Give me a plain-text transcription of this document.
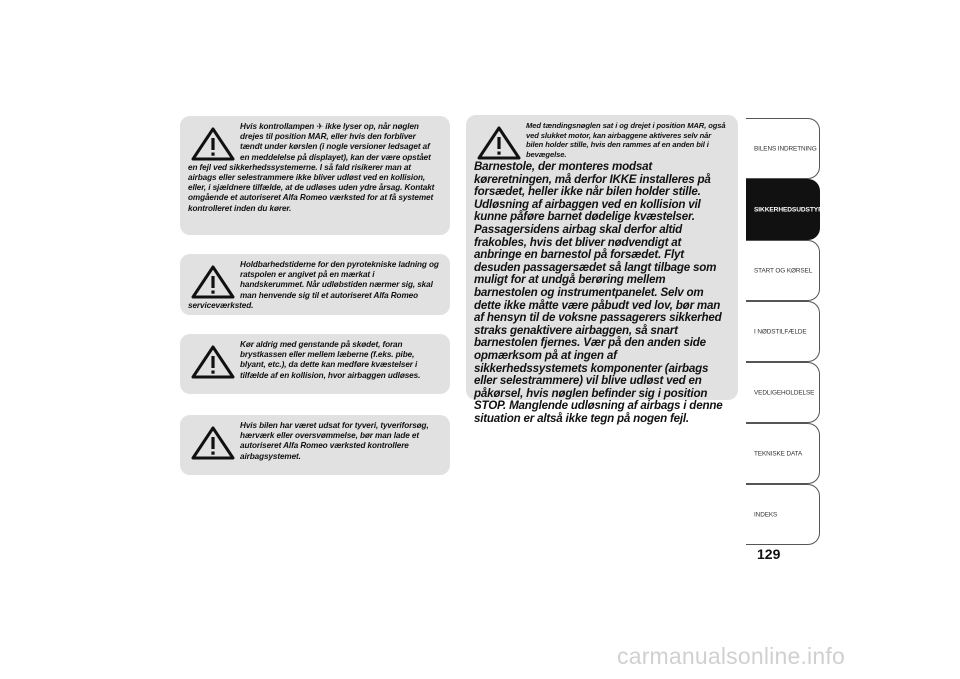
Hvis kontrollampen ✈ ikke lyser op, når nøglen drejes til position MAR, eller hvis den forbliver tændt under kørslen (i nogle versioner ledsaget af en meddelelse på displayet), kan der være opstået en fejl ved sikkerhedssystemerne. I så fald risikerer man at airbags eller selestrammere ikke bliver udløst ved en kollision, eller, i sjældnere tilfælde, at de udløses uden ydre årsag. Kontakt omgående et autoriseret Alfa Romeo værksted for at få systemet kontrolleret inden du kører.

Holdbarhedstiderne for den pyrotekniske ladning og ratspolen er angivet på en mærkat i handskerummet. Når udløbstiden nærmer sig, skal man henvende sig til et autoriseret Alfa Romeo serviceværksted.

Kør aldrig med genstande på skødet, foran brystkassen eller mellem læberne (f.eks. pibe, blyant, etc.), da dette kan medføre kvæstelser i tilfælde af en kollision, hvor airbaggen udløses.

Hvis bilen har været udsat for tyveri, tyveriforsøg, hærværk eller oversvømmelse, bør man lade et autoriseret Alfa Romeo værksted kontrollere airbagsystemet.

Med tændingsnøglen sat i og drejet i position MAR, også ved slukket motor, kan airbaggene aktiveres selv når bilen holder stille, hvis den rammes af en anden bil i bevægelse.

Barnestole, der monteres modsat køreretningen, må derfor IKKE installeres på forsædet, heller ikke når bilen holder stille. Udløsning af airbaggen ved en kollision vil kunne påføre barnet dødelige kvæstelser. Passagersidens airbag skal derfor altid frakobles, hvis det bliver nødvendigt at anbringe en barnestol på forsædet. Flyt desuden passagersædet så langt tilbage som muligt for at undgå berøring mellem barnestolen og instrumentpanelet. Selv om dette ikke måtte være påbudt ved lov, bør man af hensyn til de voksne passagerers sikkerhed straks genaktivere airbaggen, så snart barnestolen fjernes. Vær på den anden side opmærksom på at ingen af sikkerhedssystemets komponenter (airbags eller selestrammere) vil blive udløst ved en påkørsel, hvis nøglen befinder sig i position STOP. Manglende udløsning af airbags i denne situation er altså ikke tegn på nogen fejl.

BILENS INDRETNING
SIKKERHEDSUDSTYR
START OG KØRSEL
I NØDSTILFÆLDE
VEDLIGEHOLDELSE
TEKNISKE DATA
INDEKS
129
carmanualsonline.info
